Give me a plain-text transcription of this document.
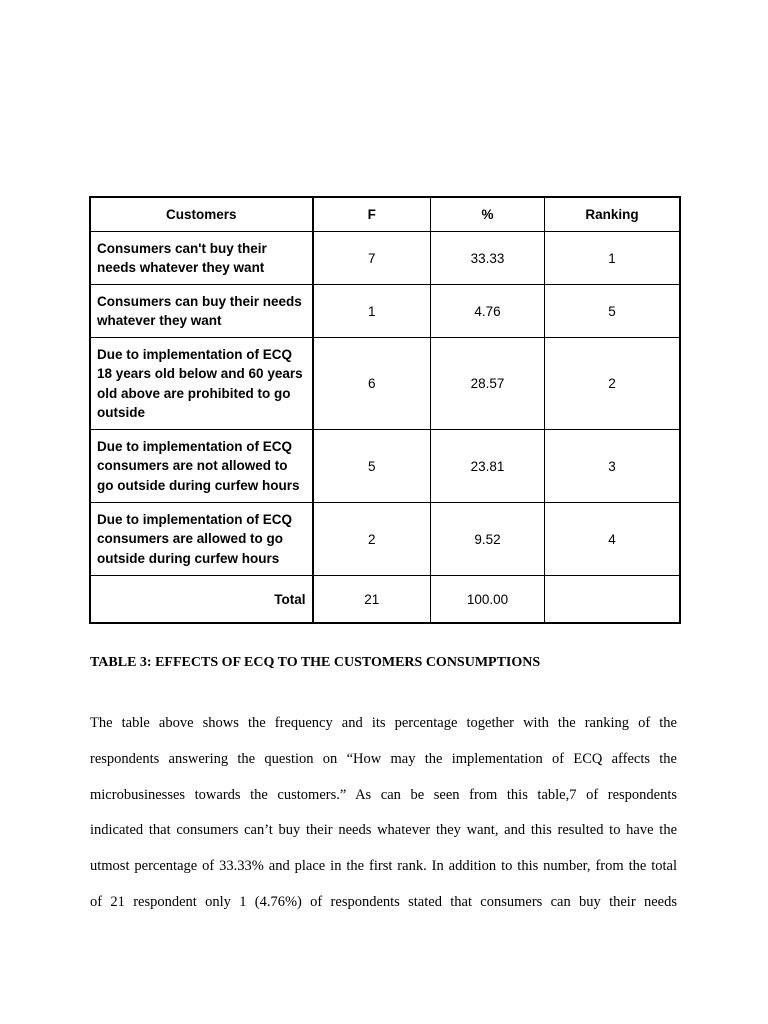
Customers	F	%	Ranking
Consumers can't buy their needs whatever they want	7	33.33	1
Consumers can buy their needs whatever they want	1	4.76	5
Due to implementation of ECQ 18 years old below and 60 years old above are prohibited to go outside	6	28.57	2
Due to implementation of ECQ consumers are not allowed to go outside during curfew hours	5	23.81	3
Due to implementation of ECQ consumers are allowed to go outside during curfew hours	2	9.52	4
Total	21	100.00	
TABLE 3: EFFECTS OF ECQ TO THE CUSTOMERS CONSUMPTIONS
The table above shows the frequency and its percentage together with the ranking of the
respondents answering the question on “How may the implementation of ECQ affects the
microbusinesses towards the customers.” As can be seen from this table,7 of respondents
indicated that consumers can’t buy their needs whatever they want, and this resulted to have the
utmost percentage of 33.33% and place in the first rank. In addition to this number, from the total
of 21 respondent only 1 (4.76%) of respondents stated that consumers can buy their needs
